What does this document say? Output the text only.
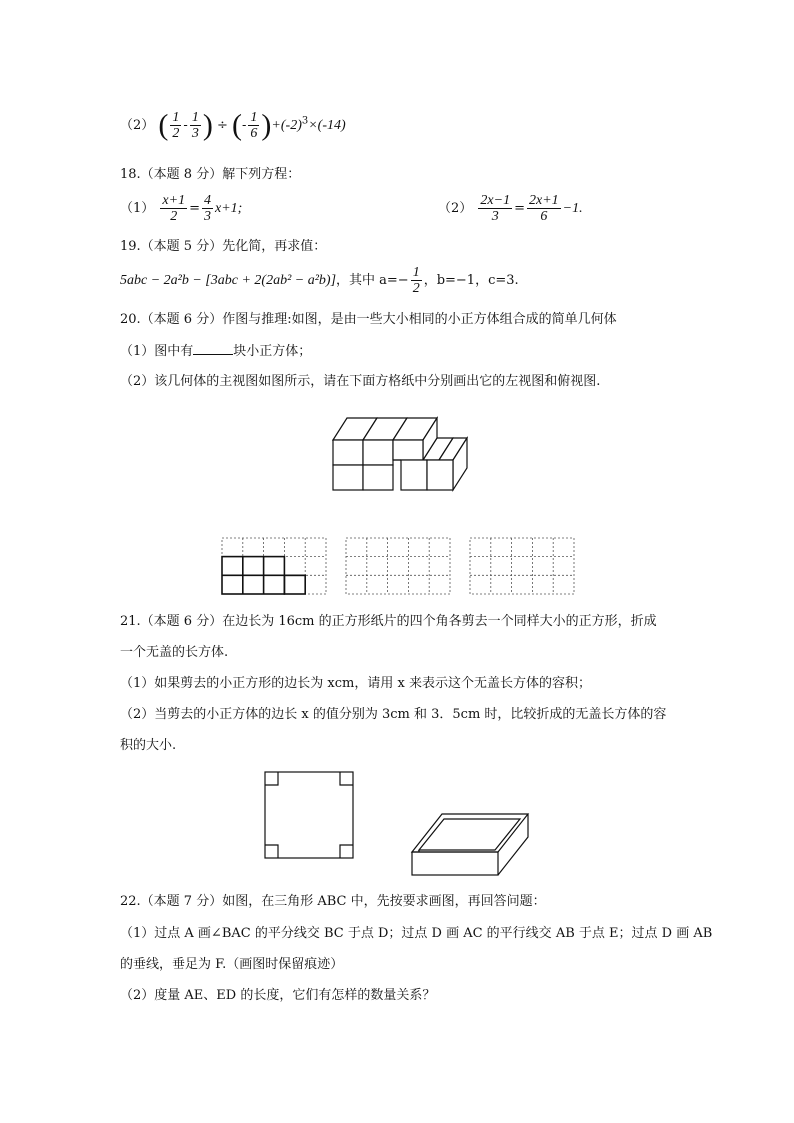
（2） ( $\frac{1}{2} - \frac{1}{3}$ ) ÷ (- $\frac{1}{6} )+(-2)^3\times(-14)$
18.（本题 8 分）解下列方程：
$(1) \frac{x+1}{2} = \frac{4}{3} x+1$;	$(2) \frac{2x-1}{3} = \frac{2x+1}{6} -1$.
19.（本题 5 分）先化简，再求值：
5abc − 2a²b − [3abc + 2(2ab² − a²b)]，其中 $a=- \frac{1}{2}$ ，b=−1，c=3.
20.（本题 6 分）作图与推理:如图，是由一些大小相同的小正方体组合成的简单几何体
（1）图中有	块小正方体；
（2）该几何体的主视图如图所示，请在下面方格纸中分别画出它的左视图和俯视图.
21.（本题 6 分）在边长为 16cm 的正方形纸片的四个角各剪去一个同样大小的正方形，折成
一个无盖的长方体.
（1）如果剪去的小正方形的边长为 xcm，请用 x 来表示这个无盖长方体的容积；
（2）当剪去的小正方体的边长 x 的值分别为 3cm 和 3．5cm 时，比较折成的无盖长方体的容
积的大小.
22.（本题 7 分）如图，在三角形 ABC 中，先按要求画图，再回答问题：
（1）过点 A 画∠BAC 的平分线交 BC 于点 D；过点 D 画 AC 的平行线交 AB 于点 E；过点 D 画 AB
的垂线，垂足为 F.（画图时保留痕迹）
（2）度量 AE、ED 的长度，它们有怎样的数量关系？
